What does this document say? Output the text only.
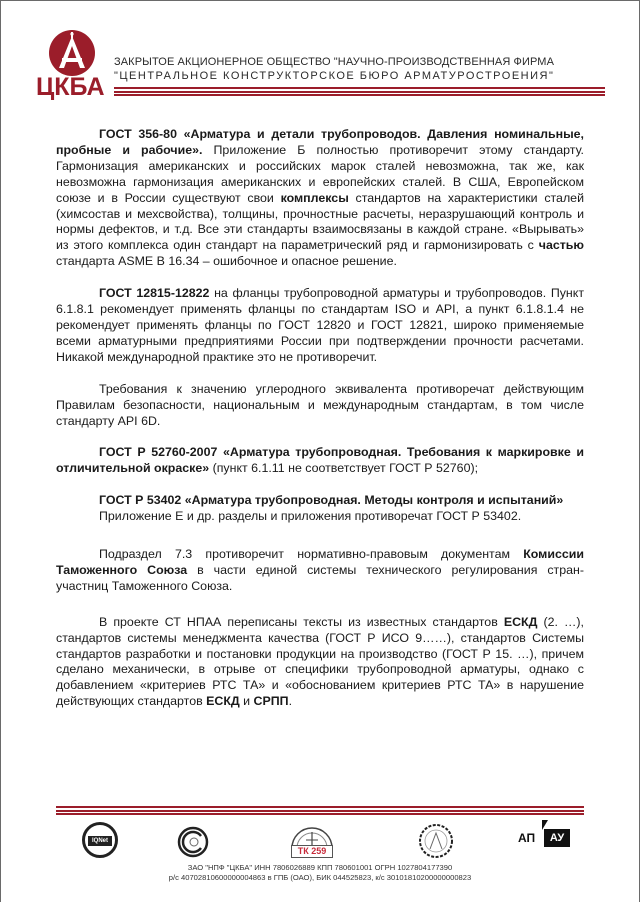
ЦКБА
ЗАКРЫТОЕ АКЦИОНЕРНОЕ ОБЩЕСТВО "НАУЧНО-ПРОИЗВОДСТВЕННАЯ ФИРМА
"ЦЕНТРАЛЬНОЕ КОНСТРУКТОРСКОЕ БЮРО АРМАТУРОСТРОЕНИЯ"

ГОСТ 356-80 «Арматура и детали трубопроводов. Давления номинальные, пробные и рабочие». Приложение Б полностью противоречит этому стандарту. Гармонизация американских и российских марок сталей невозможна, так же, как невозможна гармонизация американских и европейских сталей. В США, Европейском союзе и в России существуют свои комплексы стандартов на характеристики сталей (химсостав и мехсвойства), толщины, прочностные расчеты, неразрушающий контроль и нормы дефектов, и т.д. Все эти стандарты взаимосвязаны в каждой стране. «Вырывать» из этого комплекса один стандарт на параметрический ряд и гармонизировать с частью стандарта ASME В 16.34 – ошибочное и опасное решение.

ГОСТ 12815-12822 на фланцы трубопроводной арматуры и трубопроводов. Пункт 6.1.8.1 рекомендует применять фланцы по стандартам ISO и API, а пункт 6.1.8.1.4 не рекомендует применять фланцы по ГОСТ 12820 и ГОСТ 12821, широко применяемые всеми арматурными предприятиями России при подтверждении прочности расчетами. Никакой международной практике это не противоречит.

Требования к значению углеродного эквивалента противоречат действующим Правилам безопасности, национальным и международным стандартам, в том числе стандарту API 6D.

ГОСТ Р 52760-2007 «Арматура трубопроводная. Требования к маркировке и отличительной окраске» (пункт 6.1.11 не соответствует ГОСТ Р 52760);

ГОСТ Р 53402 «Арматура трубопроводная. Методы контроля и испытаний»

Приложение Е и др. разделы и приложения противоречат ГОСТ Р 53402.

Подраздел 7.3 противоречит нормативно-правовым документам Комиссии Таможенного Союза в части единой системы технического регулирования стран-участниц Таможенного Союза.

В проекте СТ НПАА переписаны тексты из известных стандартов ЕСКД (2. …), стандартов системы менеджмента качества (ГОСТ Р ИСО 9……), стандартов Системы стандартов разработки и постановки продукции на производство (ГОСТ Р 15. …), причем сделано механически, в отрыве от специфики трубопроводной арматуры, однако с добавлением «критериев РТС ТА» и «обоснованием критериев РТС ТА» в нарушение действующих стандартов ЕСКД и СРПП.

IQNet
ТК 259
АП	АУ
ЗАО "НПФ "ЦКБА" ИНН 7806026889 КПП 780601001 ОГРН 1027804177390
р/с 40702810600000004863 в ГПБ (ОАО), БИК 044525823, к/с 30101810200000000823
